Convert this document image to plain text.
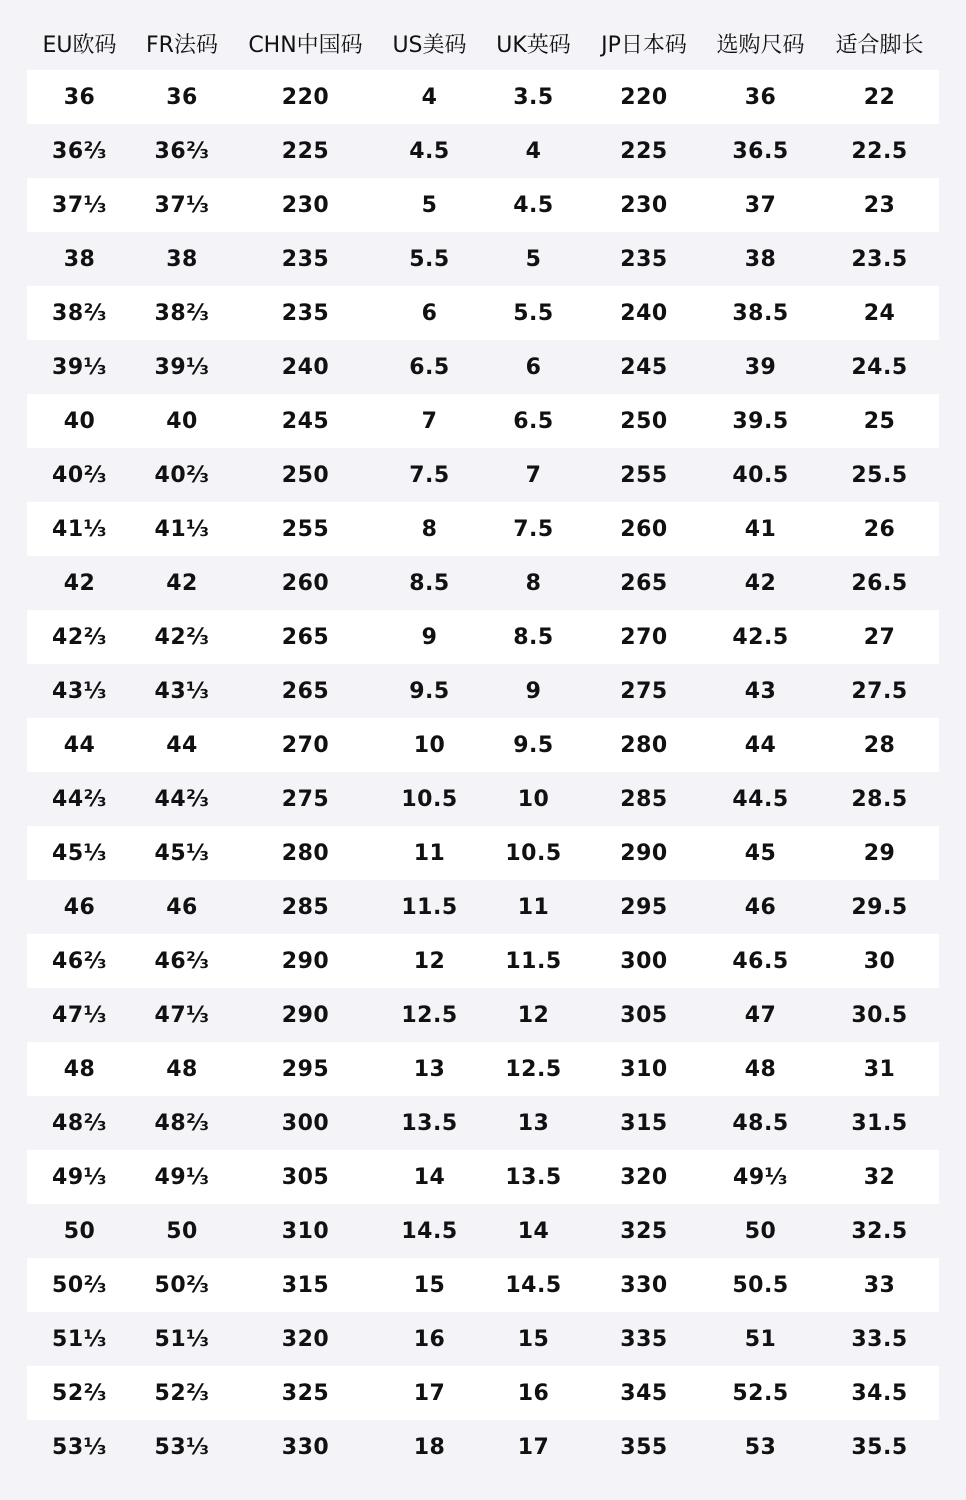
EU欧码	FR法码	CHN中国码	US美码	UK英码	JP日本码	选购尺码	适合脚长
36	36	220	4	3.5	220	36	22
36⅔	36⅔	225	4.5	4	225	36.5	22.5
37⅓	37⅓	230	5	4.5	230	37	23
38	38	235	5.5	5	235	38	23.5
38⅔	38⅔	235	6	5.5	240	38.5	24
39⅓	39⅓	240	6.5	6	245	39	24.5
40	40	245	7	6.5	250	39.5	25
40⅔	40⅔	250	7.5	7	255	40.5	25.5
41⅓	41⅓	255	8	7.5	260	41	26
42	42	260	8.5	8	265	42	26.5
42⅔	42⅔	265	9	8.5	270	42.5	27
43⅓	43⅓	265	9.5	9	275	43	27.5
44	44	270	10	9.5	280	44	28
44⅔	44⅔	275	10.5	10	285	44.5	28.5
45⅓	45⅓	280	11	10.5	290	45	29
46	46	285	11.5	11	295	46	29.5
46⅔	46⅔	290	12	11.5	300	46.5	30
47⅓	47⅓	290	12.5	12	305	47	30.5
48	48	295	13	12.5	310	48	31
48⅔	48⅔	300	13.5	13	315	48.5	31.5
49⅓	49⅓	305	14	13.5	320	49⅓	32
50	50	310	14.5	14	325	50	32.5
50⅔	50⅔	315	15	14.5	330	50.5	33
51⅓	51⅓	320	16	15	335	51	33.5
52⅔	52⅔	325	17	16	345	52.5	34.5
53⅓	53⅓	330	18	17	355	53	35.5
